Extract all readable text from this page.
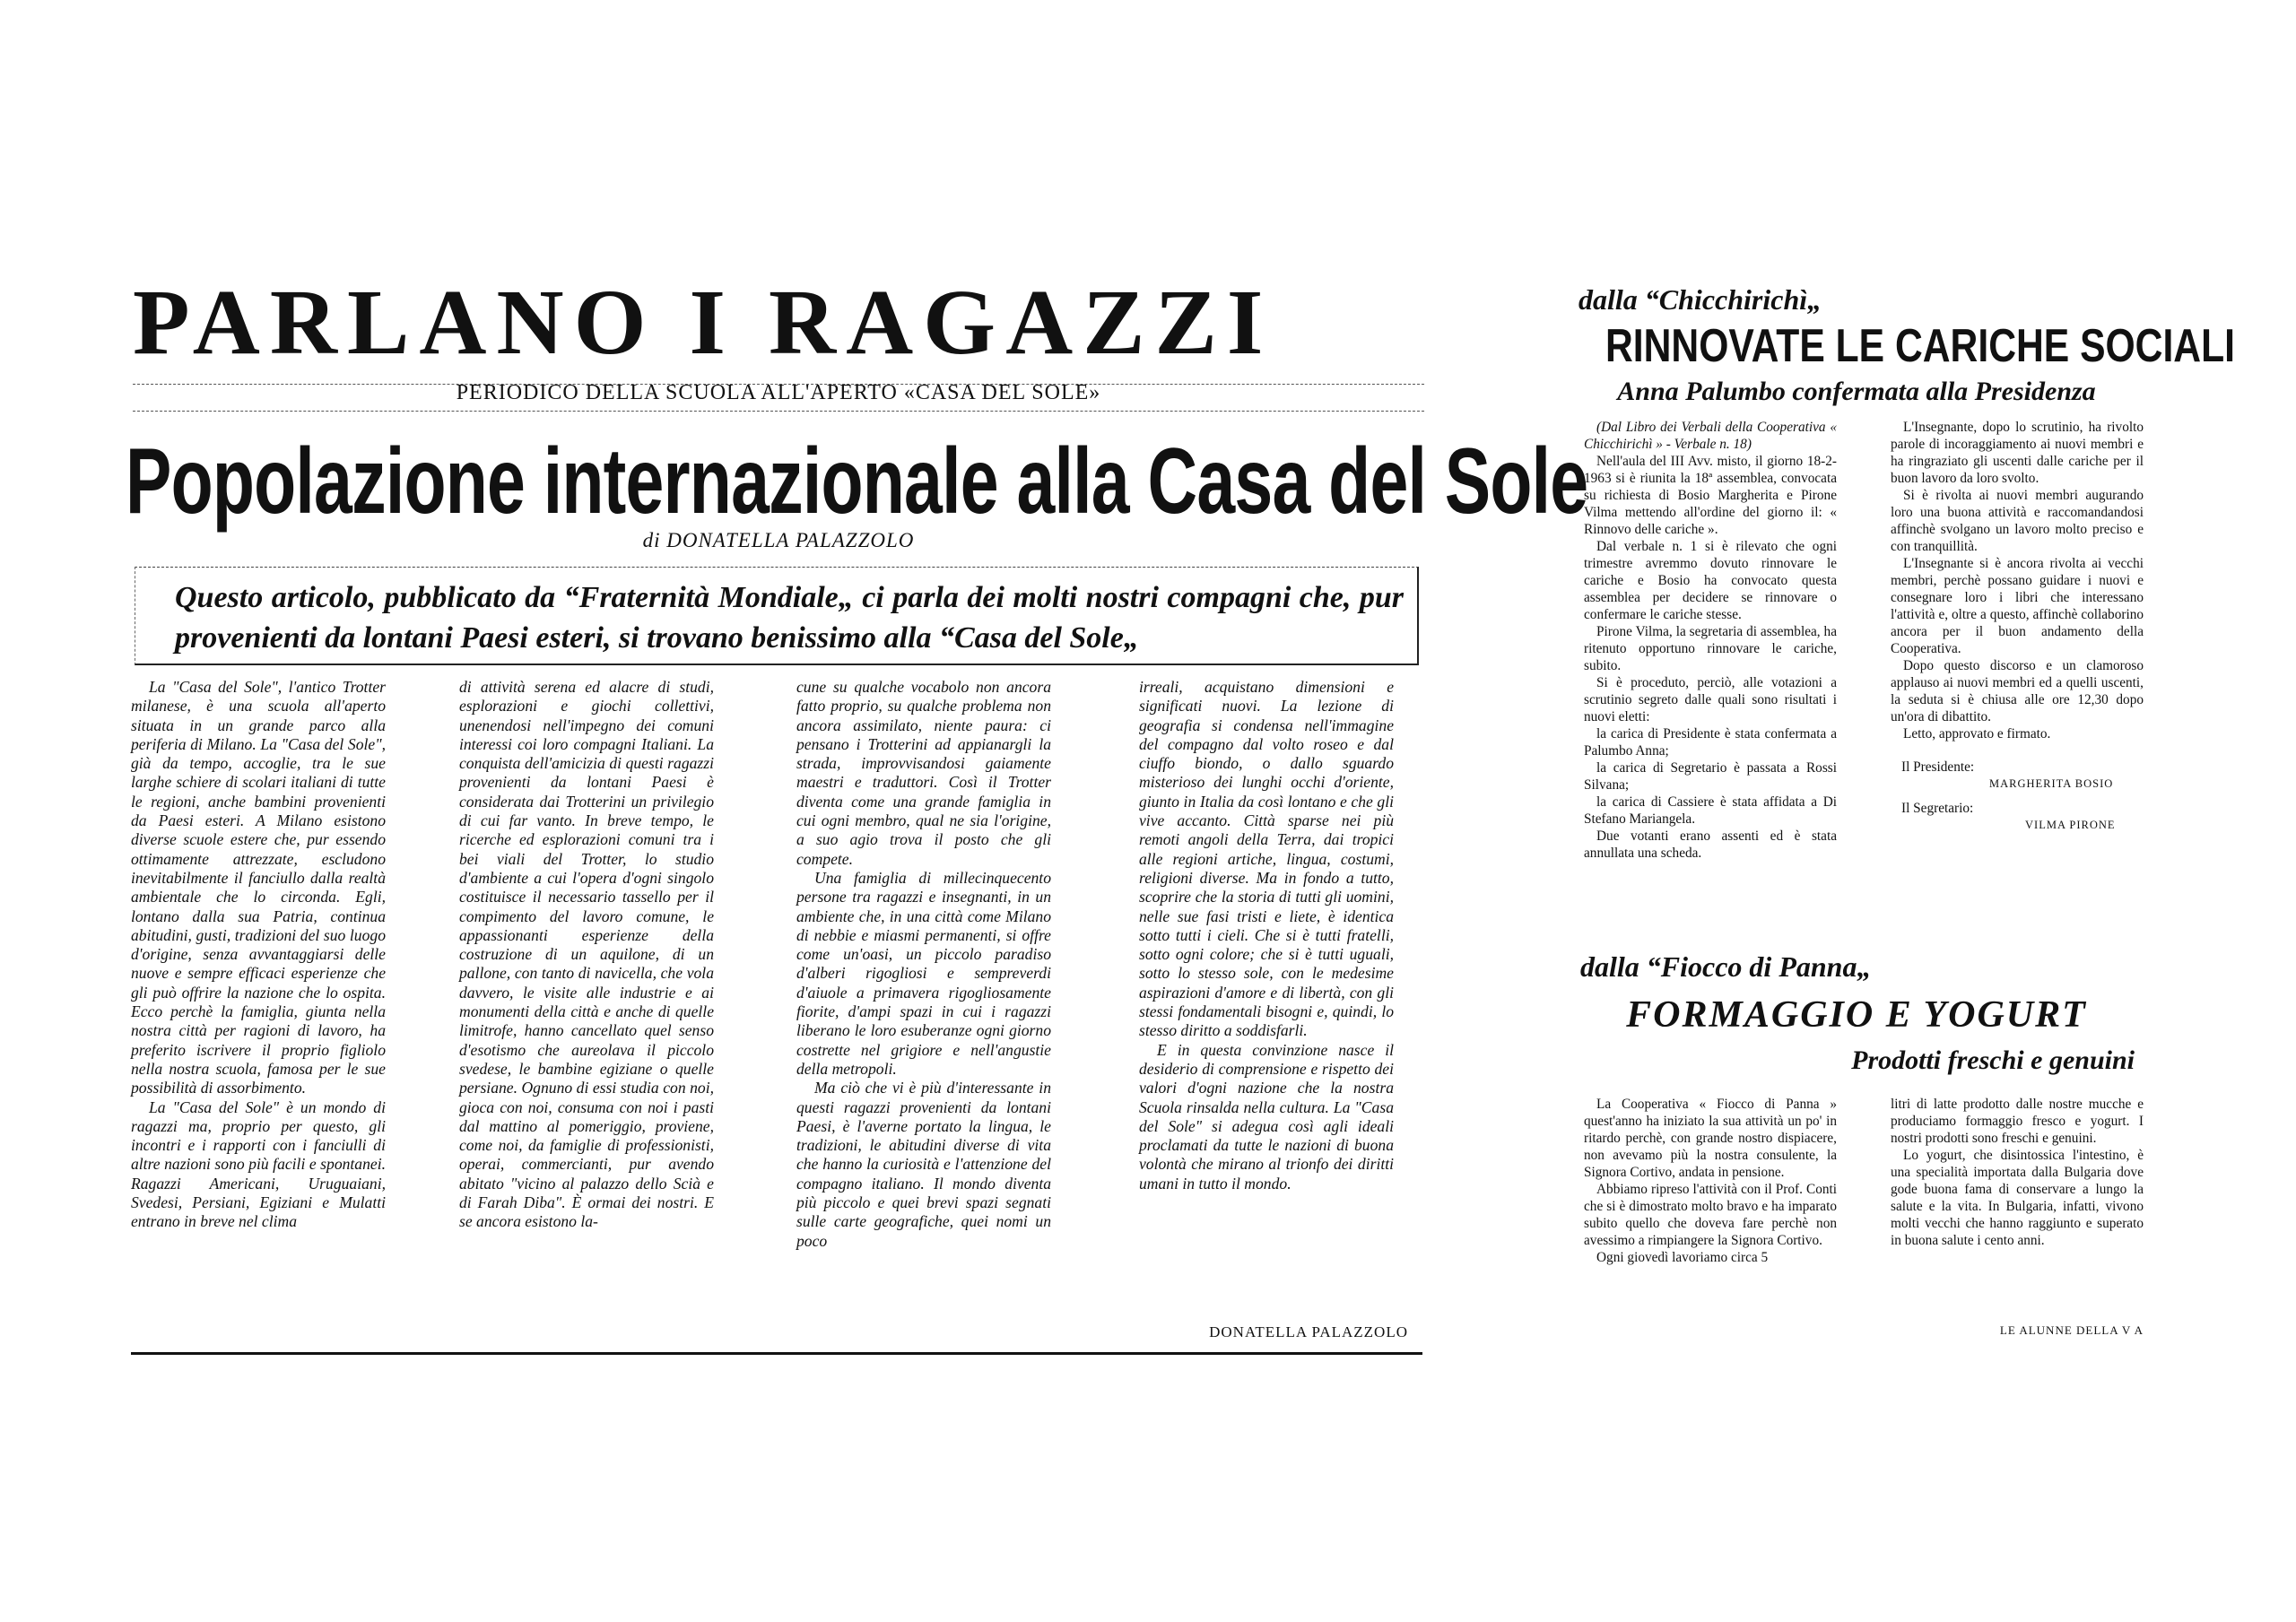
PARLANO I RAGAZZI
PERIODICO DELLA SCUOLA ALL'APERTO «CASA DEL SOLE»
Popolazione internazionale alla Casa del Sole
di DONATELLA PALAZZOLO
Questo articolo, pubblicato da “Fraternità Mondiale„ ci parla dei molti nostri compagni che, pur provenienti da lontani Paesi esteri, si trovano benissimo alla “Casa del Sole„

La "Casa del Sole", l'antico Trotter milanese, è una scuola all'aperto situata in un grande parco alla periferia di Milano. La "Casa del Sole", già da tempo, accoglie, tra le sue larghe schiere di scolari italiani di tutte le regioni, anche bambini provenienti da Paesi esteri. A Milano esistono diverse scuole estere che, pur essendo ottimamente attrezzate, escludono inevitabilmente il fanciullo dalla realtà ambientale che lo circonda. Egli, lontano dalla sua Patria, continua abitudini, gusti, tradizioni del suo luogo d'origine, senza avvantaggiarsi delle nuove e sempre efficaci esperienze che gli può offrire la nazione che lo ospita. Ecco perchè la famiglia, giunta nella nostra città per ragioni di lavoro, ha preferito iscrivere il proprio figliolo nella nostra scuola, famosa per le sue possibilità di assorbimento.

La "Casa del Sole" è un mondo di ragazzi ma, proprio per questo, gli incontri e i rapporti con i fanciulli di altre nazioni sono più facili e spontanei. Ragazzi Americani, Uruguaiani, Svedesi, Persiani, Egiziani e Mulatti entrano in breve nel clima

di attività serena ed alacre di studi, esplorazioni e giochi collettivi, unenendosi nell'impegno dei comuni interessi coi loro compagni Italiani. La conquista dell'amicizia di questi ragazzi provenienti da lontani Paesi è considerata dai Trotterini un privilegio di cui far vanto. In breve tempo, le ricerche ed esplorazioni comuni tra i bei viali del Trotter, lo studio d'ambiente a cui l'opera d'ogni singolo costituisce il necessario tassello per il compimento del lavoro comune, le appassionanti esperienze della costruzione di un aquilone, di un pallone, con tanto di navicella, che vola davvero, le visite alle industrie e ai monumenti della città e anche di quelle limitrofe, hanno cancellato quel senso d'esotismo che aureolava il piccolo svedese, le bambine egiziane o quelle persiane. Ognuno di essi studia con noi, gioca con noi, consuma con noi i pasti dal mattino al pomeriggio, proviene, come noi, da famiglie di professionisti, operai, commercianti, pur avendo abitato "vicino al palazzo dello Scià e di Farah Diba". È ormai dei nostri. E se ancora esistono la-

cune su qualche vocabolo non ancora fatto proprio, su qualche problema non ancora assimilato, niente paura: ci pensano i Trotterini ad appianargli la strada, improvvisandosi gaiamente maestri e traduttori. Così il Trotter diventa come una grande famiglia in cui ogni membro, qual ne sia l'origine, a suo agio trova il posto che gli compete.

Una famiglia di millecinquecento persone tra ragazzi e insegnanti, in un ambiente che, in una città come Milano di nebbie e miasmi permanenti, si offre come un'oasi, un piccolo paradiso d'alberi rigogliosi e sempreverdi d'aiuole a primavera rigogliosamente fiorite, d'ampi spazi in cui i ragazzi liberano le loro esuberanze ogni giorno costrette nel grigiore e nell'angustie della metropoli.

Ma ciò che vi è più d'interessante in questi ragazzi provenienti da lontani Paesi, è l'averne portato la lingua, le tradizioni, le abitudini diverse di vita che hanno la curiosità e l'attenzione del compagno italiano. Il mondo diventa più piccolo e quei brevi spazi segnati sulle carte geografiche, quei nomi un poco

irreali, acquistano dimensioni e significati nuovi. La lezione di geografia si condensa nell'immagine del compagno dal volto roseo e dal ciuffo biondo, o dallo sguardo misterioso dei lunghi occhi d'oriente, giunto in Italia da così lontano e che gli vive accanto. Città sparse nei più remoti angoli della Terra, dai tropici alle regioni artiche, lingua, costumi, religioni diverse. Ma in fondo a tutto, scoprire che la storia di tutti gli uomini, nelle sue fasi tristi e liete, è identica sotto tutti i cieli. Che si è tutti fratelli, sotto ogni colore; che si è tutti uguali, sotto lo stesso sole, con le medesime aspirazioni d'amore e di libertà, con gli stessi fondamentali bisogni e, quindi, lo stesso diritto a soddisfarli.

E in questa convinzione nasce il desiderio di comprensione e rispetto dei valori d'ogni nazione che la nostra Scuola rinsalda nella cultura. La "Casa del Sole" si adegua così agli ideali proclamati da tutte le nazioni di buona volontà che mirano al trionfo dei diritti umani in tutto il mondo.

DONATELLA PALAZZOLO
dalla “Chicchirichì„
RINNOVATE LE CARICHE SOCIALI
Anna Palumbo confermata alla Presidenza

(Dal Libro dei Verbali della Cooperativa « Chicchirichì » - Verbale n. 18)

Nell'aula del III Avv. misto, il giorno 18-2-1963 si è riunita la 18ª assemblea, convocata su richiesta di Bosio Margherita e Pirone Vilma mettendo all'ordine del giorno il: « Rinnovo delle cariche ».

Dal verbale n. 1 si è rilevato che ogni trimestre avremmo dovuto rinnovare le cariche e Bosio ha convocato questa assemblea per decidere se rinnovare o confermare le cariche stesse.

Pirone Vilma, la segretaria di assemblea, ha ritenuto opportuno rinnovare le cariche, subito.

Si è proceduto, perciò, alle votazioni a scrutinio segreto dalle quali sono risultati i nuovi eletti:

la carica di Presidente è stata confermata a Palumbo Anna;

la carica di Segretario è passata a Rossi Silvana;

la carica di Cassiere è stata affidata a Di Stefano Mariangela.

Due votanti erano assenti ed è stata annullata una scheda.

L'Insegnante, dopo lo scrutinio, ha rivolto parole di incoraggiamento ai nuovi membri e ha ringraziato gli uscenti dalle cariche per il buon lavoro da loro svolto.

Si è rivolta ai nuovi membri augurando loro una buona attività e raccomandandosi affinchè svolgano un lavoro molto preciso e con tranquillità.

L'Insegnante si è ancora rivolta ai vecchi membri, perchè possano guidare i nuovi e consegnare loro i libri che interessano l'attività e, oltre a questo, affinchè collaborino ancora per il buon andamento della Cooperativa.

Dopo questo discorso e un clamoroso applauso ai nuovi membri ed a quelli uscenti, la seduta si è chiusa alle ore 12,30 dopo un'ora di dibattito.

Letto, approvato e firmato.

Il Presidente:
MARGHERITA BOSIO
Il Segretario:
VILMA PIRONE
dalla “Fiocco di Panna„
FORMAGGIO E YOGURT
Prodotti freschi e genuini

La Cooperativa « Fiocco di Panna » quest'anno ha iniziato la sua attività un po' in ritardo perchè, con grande nostro dispiacere, non avevamo più la nostra consulente, la Signora Cortivo, andata in pensione.

Abbiamo ripreso l'attività con il Prof. Conti che si è dimostrato molto bravo e ha imparato subito quello che doveva fare perchè non avessimo a rimpiangere la Signora Cortivo.

Ogni giovedì lavoriamo circa 5

litri di latte prodotto dalle nostre mucche e produciamo formaggio fresco e yogurt. I nostri prodotti sono freschi e genuini.

Lo yogurt, che disintossica l'intestino, è una specialità importata dalla Bulgaria dove gode buona fama di conservare a lungo la salute e la vita. In Bulgaria, infatti, vivono molti vecchi che hanno raggiunto e superato in buona salute i cento anni.

LE ALUNNE DELLA V A
